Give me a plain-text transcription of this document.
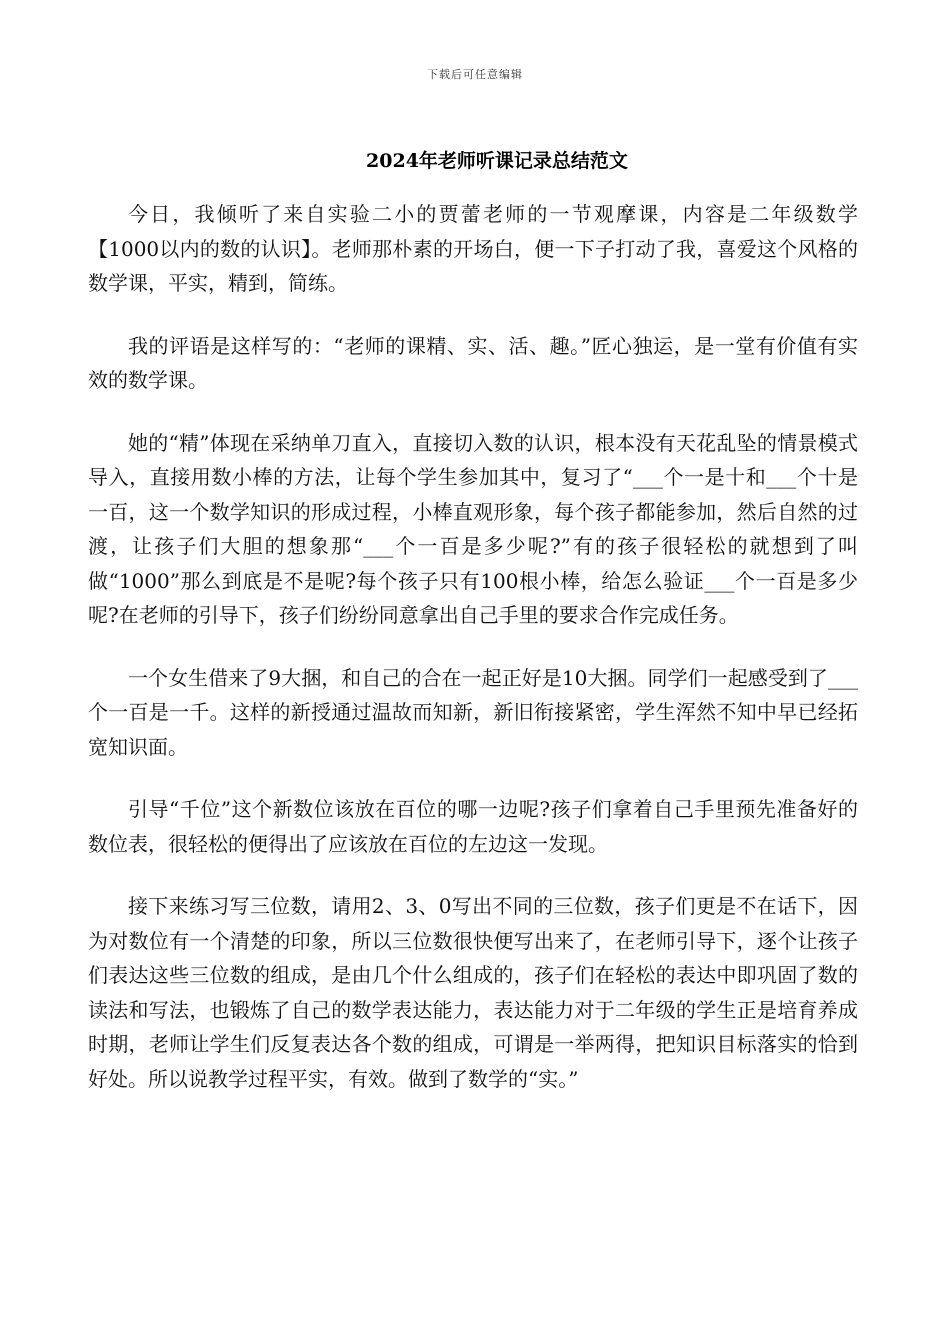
下载后可任意编辑
2024年老师听课记录总结范文

今日，我倾听了来自实验二小的贾蕾老师的一节观摩课，内容是二年级数学【1000以内的数的认识】。老师那朴素的开场白，便一下子打动了我，喜爱这个风格的数学课，平实，精到，简练。

我的评语是这样写的：“老师的课精、实、活、趣。”匠心独运，是一堂有价值有实效的数学课。

她的“精”体现在采纳单刀直入，直接切入数的认识，根本没有天花乱坠的情景模式导入，直接用数小棒的方法，让每个学生参加其中，复习了“___个一是十和___个十是一百，这一个数学知识的形成过程，小棒直观形象，每个孩子都能参加，然后自然的过渡，让孩子们大胆的想象那“___个一百是多少呢?”有的孩子很轻松的就想到了叫做“1000”那么到底是不是呢?每个孩子只有100根小棒，给怎么验证___个一百是多少呢?在老师的引导下，孩子们纷纷同意拿出自己手里的要求合作完成任务。

一个女生借来了9大捆，和自己的合在一起正好是10大捆。同学们一起感受到了___个一百是一千。这样的新授通过温故而知新，新旧衔接紧密，学生浑然不知中早已经拓宽知识面。

引导“千位”这个新数位该放在百位的哪一边呢?孩子们拿着自己手里预先准备好的数位表，很轻松的便得出了应该放在百位的左边这一发现。

接下来练习写三位数，请用2、3、0写出不同的三位数，孩子们更是不在话下，因为对数位有一个清楚的印象，所以三位数很快便写出来了，在老师引导下，逐个让孩子们表达这些三位数的组成，是由几个什么组成的，孩子们在轻松的表达中即巩固了数的读法和写法，也锻炼了自己的数学表达能力，表达能力对于二年级的学生正是培育养成时期，老师让学生们反复表达各个数的组成，可谓是一举两得，把知识目标落实的恰到好处。所以说教学过程平实，有效。做到了数学的“实。”
